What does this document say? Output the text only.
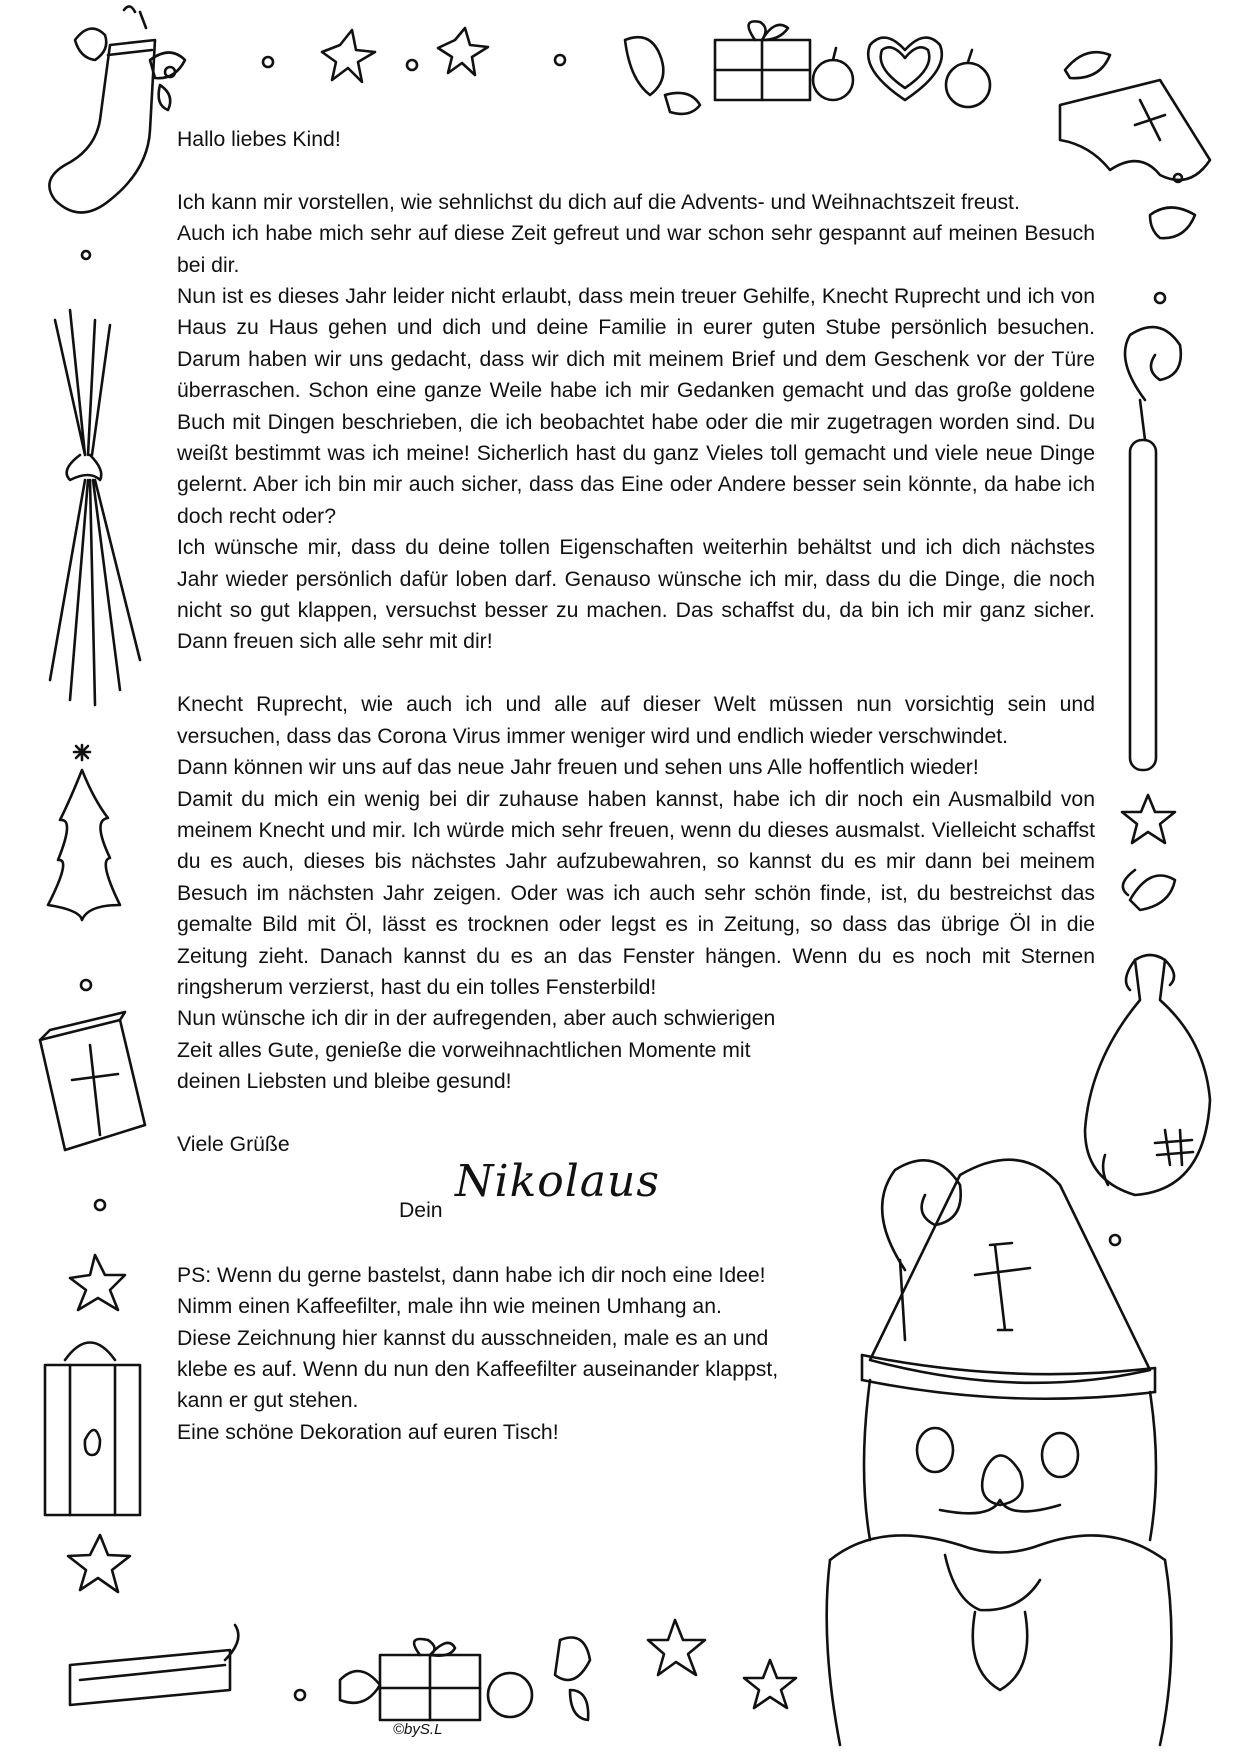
Hallo liebes Kind!

Ich kann mir vorstellen, wie sehnlichst du dich auf die Advents- und Weihnachtszeit freust.

Auch ich habe mich sehr auf diese Zeit gefreut und war schon sehr gespannt auf meinen Besuch bei dir.

Nun ist es dieses Jahr leider nicht erlaubt, dass mein treuer Gehilfe, Knecht Ruprecht und ich von Haus zu Haus gehen und dich und deine Familie in eurer guten Stube persönlich besuchen. Darum haben wir uns gedacht, dass wir dich mit meinem Brief und dem Geschenk vor der Türe überraschen. Schon eine ganze Weile habe ich mir Gedanken gemacht und das große goldene Buch mit Dingen beschrieben, die ich beobachtet habe oder die mir zugetragen worden sind. Du weißt bestimmt was ich meine! Sicherlich hast du ganz Vieles toll gemacht und viele neue Dinge gelernt. Aber ich bin mir auch sicher, dass das Eine oder Andere besser sein könnte, da habe ich doch recht oder?

Ich wünsche mir, dass du deine tollen Eigenschaften weiterhin behältst und ich dich nächstes Jahr wieder persönlich dafür loben darf. Genauso wünsche ich mir, dass du die Dinge, die noch nicht so gut klappen, versuchst besser zu machen. Das schaffst du, da bin ich mir ganz sicher. Dann freuen sich alle sehr mit dir!

Knecht Ruprecht, wie auch ich und alle auf dieser Welt müssen nun vorsichtig sein und versuchen, dass das Corona Virus immer weniger wird und endlich wieder verschwindet.

Dann können wir uns auf das neue Jahr freuen und sehen uns Alle hoffentlich wieder!

Damit du mich ein wenig bei dir zuhause haben kannst, habe ich dir noch ein Ausmalbild von meinem Knecht und mir. Ich würde mich sehr freuen, wenn du dieses ausmalst. Vielleicht schaffst du es auch, dieses bis nächstes Jahr aufzubewahren, so kannst du es mir dann bei meinem Besuch im nächsten Jahr zeigen. Oder was ich auch sehr schön finde, ist, du bestreichst das gemalte Bild mit Öl, lässt es trocknen oder legst es in Zeitung, so dass das übrige Öl in die Zeitung zieht. Danach kannst du es an das Fenster hängen. Wenn du es noch mit Sternen ringsherum verzierst, hast du ein tolles Fensterbild!

Nun wünsche ich dir in der aufregenden, aber auch schwierigen

Zeit alles Gute, genieße die vorweihnachtlichen Momente mit

deinen Liebsten und bleibe gesund!

Viele Grüße

Dein
Nikolaus

PS: Wenn du gerne bastelst, dann habe ich dir noch eine Idee!

Nimm einen Kaffeefilter, male ihn wie meinen Umhang an.

Diese Zeichnung hier kannst du ausschneiden, male es an und

klebe es auf. Wenn du nun den Kaffeefilter auseinander klappst,

kann er gut stehen.

Eine schöne Dekoration auf euren Tisch!

©byS.L
